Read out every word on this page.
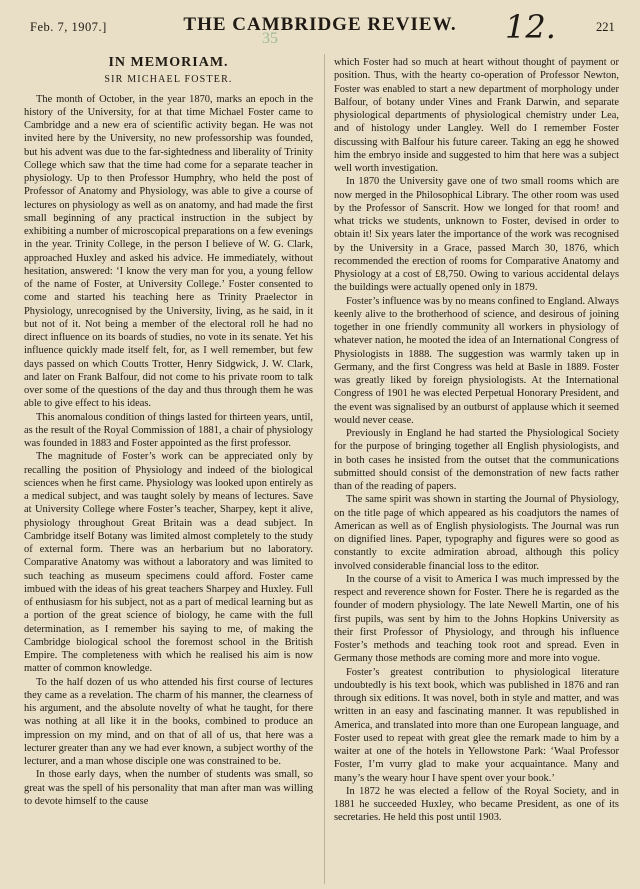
Feb. 7, 1907.]	THE CAMBRIDGE REVIEW.	12.	221
35

IN MEMORIAM.

SIR MICHAEL FOSTER.

The month of October, in the year 1870, marks an epoch in the history of the University, for at that time Michael Foster came to Cambridge and a new era of scientific activity began. He was not invited here by the University, no new professorship was founded, but his advent was due to the far-sightedness and liberality of Trinity College which saw that the time had come for a separate teacher in physiology. Up to then Professor Humphry, who held the post of Professor of Anatomy and Physiology, was able to give a course of lectures on physiology as well as on anatomy, and had made the first small beginning of any practical instruction in the subject by exhibiting a number of microscopical preparations on a few evenings in the year. Trinity College, in the person I believe of W. G. Clark, approached Huxley and asked his advice. He immediately, without hesitation, answered: ‘I know the very man for you, a young fellow of the name of Foster, at University College.’ Foster consented to come and started his teaching here as Trinity Praelector in Physiology, unrecognised by the University, living, as he said, in it but not of it. Not being a member of the electoral roll he had no direct influence on its boards of studies, no vote in its senate. Yet his influence quickly made itself felt, for, as I well remember, but few days passed on which Coutts Trotter, Henry Sidgwick, J. W. Clark, and later on Frank Balfour, did not come to his private room to talk over some of the questions of the day and thus through them he was able to give effect to his ideas.

This anomalous condition of things lasted for thirteen years, until, as the result of the Royal Commission of 1881, a chair of physiology was founded in 1883 and Foster appointed as the first professor.

The magnitude of Foster’s work can be appreciated only by recalling the position of Physiology and indeed of the biological sciences when he first came. Physiology was looked upon entirely as a medical subject, and was taught solely by means of lectures. Save at University College where Foster’s teacher, Sharpey, kept it alive, physiology throughout Great Britain was a dead subject. In Cambridge itself Botany was limited almost completely to the study of external form. There was an herbarium but no laboratory. Comparative Anatomy was without a laboratory and was limited to such teaching as museum specimens could afford. Foster came imbued with the ideas of his great teachers Sharpey and Huxley. Full of enthusiasm for his subject, not as a part of medical learning but as a portion of the great science of biology, he came with the full determination, as I remember his saying to me, of making the Cambridge biological school the foremost school in the British Empire. The completeness with which he realised his aim is now matter of common knowledge.

To the half dozen of us who attended his first course of lectures they came as a revelation. The charm of his manner, the clearness of his argument, and the absolute novelty of what he taught, for there was nothing at all like it in the books, combined to produce an impression on my mind, and on that of all of us, that here was a lecturer greater than any we had ever known, a subject worthy of the lecturer, and a man whose disciple one was constrained to be.

In those early days, when the number of students was small, so great was the spell of his personality that man after man was willing to devote himself to the cause

which Foster had so much at heart without thought of payment or position. Thus, with the hearty co-operation of Professor Newton, Foster was enabled to start a new department of morphology under Balfour, of botany under Vines and Frank Darwin, and separate physiological departments of physiological chemistry under Lea, and of histology under Langley. Well do I remember Foster discussing with Balfour his future career. Taking an egg he showed him the embryo inside and suggested to him that here was a subject well worth investigation.

In 1870 the University gave one of two small rooms which are now merged in the Philosophical Library. The other room was used by the Professor of Sanscrit. How we longed for that room! and what tricks we students, unknown to Foster, devised in order to obtain it! Six years later the importance of the work was recognised by the University in a Grace, passed March 30, 1876, which recommended the erection of rooms for Comparative Anatomy and Physiology at a cost of £8,750. Owing to various accidental delays the buildings were actually opened only in 1879.

Foster’s influence was by no means confined to England. Always keenly alive to the brotherhood of science, and desirous of joining together in one friendly community all workers in physiology of whatever nation, he mooted the idea of an International Congress of Physiologists in 1888. The suggestion was warmly taken up in Germany, and the first Congress was held at Basle in 1889. Foster was greatly liked by foreign physiologists. At the International Congress of 1901 he was elected Perpetual Honorary President, and the event was signalised by an outburst of applause which it seemed would never cease.

Previously in England he had started the Physiological Society for the purpose of bringing together all English physiologists, and in both cases he insisted from the outset that the communications submitted should consist of the demonstration of new facts rather than of the reading of papers.

The same spirit was shown in starting the Journal of Physiology, on the title page of which appeared as his coadjutors the names of American as well as of English physiologists. The Journal was run on dignified lines. Paper, typography and figures were so good as constantly to excite admiration abroad, although this policy involved considerable financial loss to the editor.

In the course of a visit to America I was much impressed by the respect and reverence shown for Foster. There he is regarded as the founder of modern physiology. The late Newell Martin, one of his first pupils, was sent by him to the Johns Hopkins University as their first Professor of Physiology, and through his influence Foster’s methods and teaching took root and spread. Even in Germany those methods are coming more and more into vogue.

Foster’s greatest contribution to physiological literature undoubtedly is his text book, which was published in 1876 and ran through six editions. It was novel, both in style and matter, and was written in an easy and fascinating manner. It was republished in America, and translated into more than one European language, and Foster used to repeat with great glee the remark made to him by a waiter at one of the hotels in Yellowstone Park: ‘Waal Professor Foster, I’m vurry glad to make your acquaintance. Many and many’s the weary hour I have spent over your book.’

In 1872 he was elected a fellow of the Royal Society, and in 1881 he succeeded Huxley, who became President, as one of its secretaries. He held this post until 1903.
